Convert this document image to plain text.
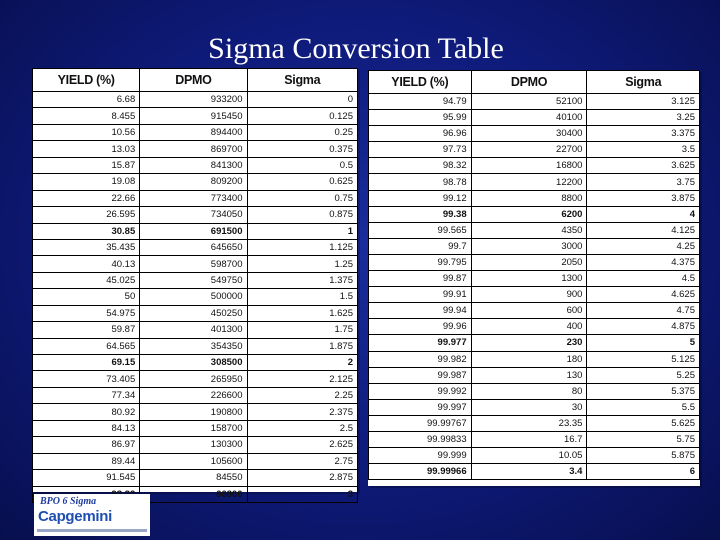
Sigma Conversion Table
YIELD (%)	DPMO	Sigma
6.68	933200	0
8.455	915450	0.125
10.56	894400	0.25
13.03	869700	0.375
15.87	841300	0.5
19.08	809200	0.625
22.66	773400	0.75
26.595	734050	0.875
30.85	691500	1
35.435	645650	1.125
40.13	598700	1.25
45.025	549750	1.375
50	500000	1.5
54.975	450250	1.625
59.87	401300	1.75
64.565	354350	1.875
69.15	308500	2
73.405	265950	2.125
77.34	226600	2.25
80.92	190800	2.375
84.13	158700	2.5
86.97	130300	2.625
89.44	105600	2.75
91.545	84550	2.875
	66800	3
YIELD (%)	DPMO	Sigma
94.79	52100	3.125
95.99	40100	3.25
96.96	30400	3.375
97.73	22700	3.5
98.32	16800	3.625
98.78	12200	3.75
99.12	8800	3.875
99.38	6200	4
99.565	4350	4.125
99.7	3000	4.25
99.795	2050	4.375
99.87	1300	4.5
99.91	900	4.625
99.94	600	4.75
99.96	400	4.875
99.977	230	5
99.982	180	5.125
99.987	130	5.25
99.992	80	5.375
99.997	30	5.5
99.99767	23.35	5.625
99.99833	16.7	5.75
99.999	10.05	5.875
99.99966	3.4	6
BPO 6 Sigma
Capgemini
